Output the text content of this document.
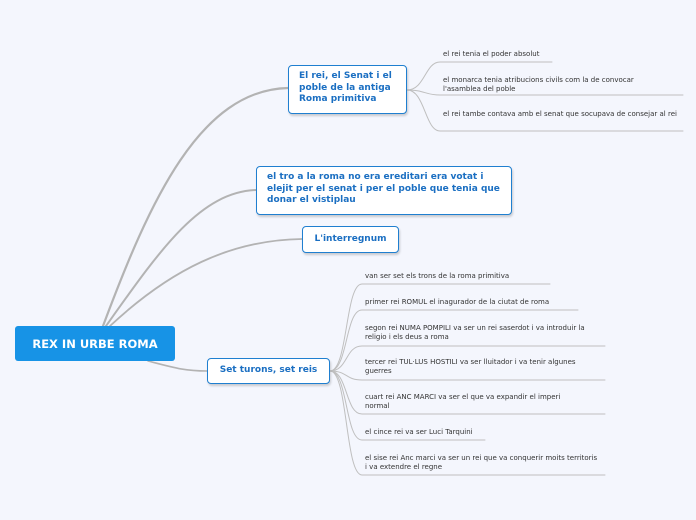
REX IN URBE ROMA
El rei, el Senat i el poble de la antiga Roma primitiva
el rei tenia el poder absolut
el monarca tenia atribucions civils com la de convocar l'asamblea del poble
el rei tambe contava amb el senat que socupava de consejar al rei
el tro a la roma no era ereditari era votat i elejit per el senat i per el poble que tenia que donar el vistiplau
L'interregnum
Set turons, set reis
van ser set els trons de la roma primitiva
primer rei ROMUL el inagurador de la ciutat de roma
segon rei NUMA POMPILI va ser un rei saserdot i va introduir la religio i els deus a roma
tercer rei TUL·LUS HOSTILI va ser lluitador i va tenir algunes guerres
cuart rei ANC MARCI va ser el que va expandir el imperi normal
el cince rei va ser Luci Tarquini
el sise rei Anc marci va ser un rei que va conquerir moits territoris i va extendre el regne
